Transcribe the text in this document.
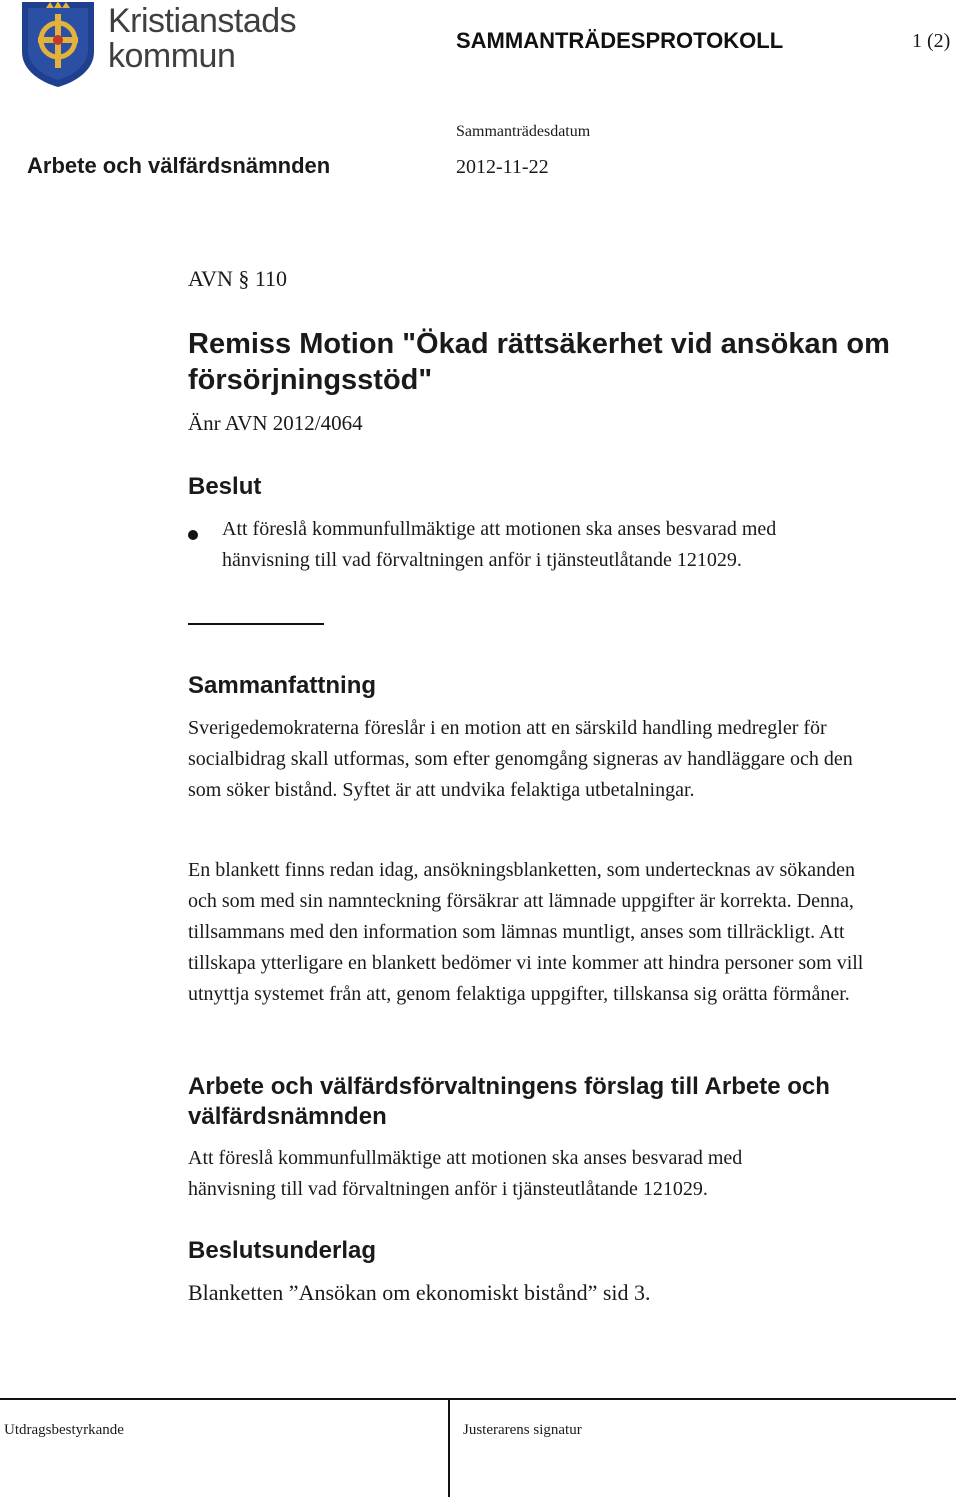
Kristianstads
kommun	SAMMANTRÄDESPROTOKOLL	1 (2)
Sammanträdesdatum
Arbete och välfärdsnämnden	2012-11-22
AVN § 110
Remiss Motion "Ökad rättsäkerhet vid ansökan om försörjningsstöd"
Änr AVN 2012/4064
Beslut
Att föreslå kommunfullmäktige att motionen ska anses besvarad med hänvisning till vad förvaltningen anför i tjänsteutlåtande 121029.
Sammanfattning
Sverigedemokraterna föreslår i en motion att en särskild handling medregler för socialbidrag skall utformas, som efter genomgång signeras av handläggare och den som söker bistånd. Syftet är att undvika felaktiga utbetalningar.
En blankett finns redan idag, ansökningsblanketten, som undertecknas av sökanden och som med sin namnteckning försäkrar att lämnade uppgifter är korrekta. Denna, tillsammans med den information som lämnas muntligt, anses som tillräckligt. Att tillskapa ytterligare en blankett bedömer vi inte kommer att hindra personer som vill utnyttja systemet från att, genom felaktiga uppgifter, tillskansa sig orätta förmåner.
Arbete och välfärdsförvaltningens förslag till Arbete och välfärdsnämnden
Att föreslå kommunfullmäktige att motionen ska anses besvarad med hänvisning till vad förvaltningen anför i tjänsteutlåtande 121029.
Beslutsunderlag
Blanketten ”Ansökan om ekonomiskt bistånd” sid 3.
Utdragsbestyrkande	Justerarens signatur
